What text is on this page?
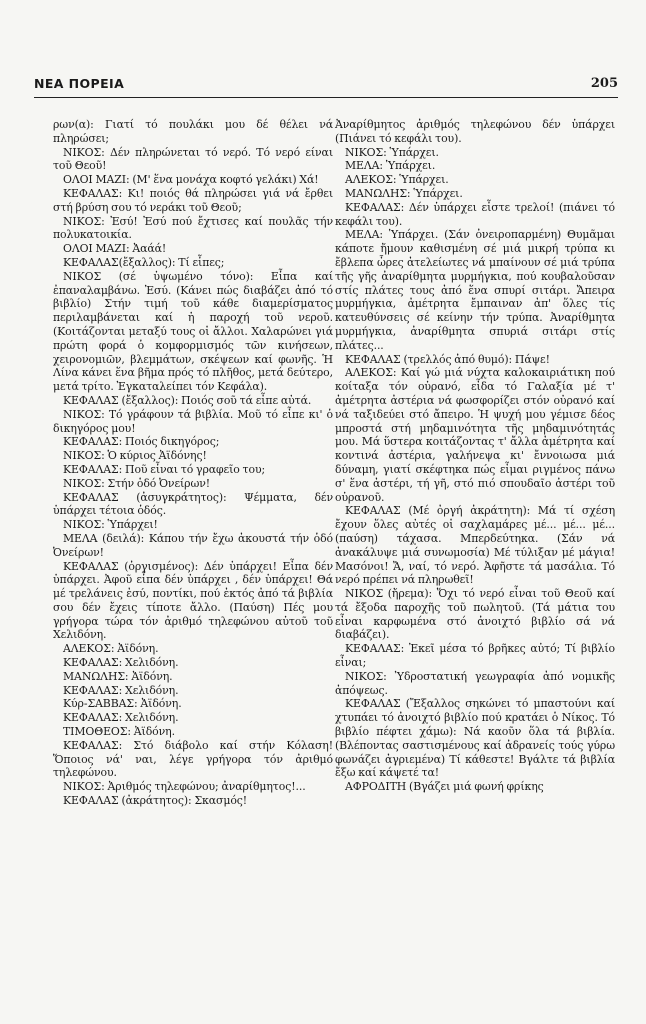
ΝΕΑ ΠΟΡΕΙΑ	205

ρων(α): Γιατί τό πουλάκι μου δέ θέλει νά πληρώσει;

ΝΙΚΟΣ: Δέν πληρώνεται τό νερό. Τό νερό είναι τοῦ Θεοῦ!

ΟΛΟΙ ΜΑΖΙ: (Μ' ἕνα μονάχα κοφτό γελάκι) Χά!

ΚΕΦΑΛΑΣ: Κι! ποιός θά πληρώσει γιά νά ἔρθει στή βρύση σου τό νεράκι τοῦ Θεοῦ;

ΝΙΚΟΣ: Ἐσύ! Ἐσύ πού ἔχτισες καί πουλᾶς τήν πολυκατοικία.

ΟΛΟΙ ΜΑΖΙ: Ἀαάά!

ΚΕΦΑΛΑΣ(ἔξαλλος): Τί εἶπες;

ΝΙΚΟΣ (σέ ὑψωμένο τόνο): Εἶπα καί ἐπαναλαμβάνω. Ἐσύ. (Κάνει πώς διαβάζει ἀπό τό βιβλίο) Στήν τιμή τοῦ κάθε διαμερίσματος περιλαμβάνεται καί ἡ παροχή τοῦ νεροῦ. (Κοιτάζονται μεταξύ τους οἱ ἄλλοι. Χαλαρώνει γιά πρώτη φορά ὁ κομφορμισμός τῶν κινήσεων, χειρονομιῶν, βλεμμάτων, σκέψεων καί φωνῆς. Ἡ Λίνα κάνει ἕνα βῆμα πρός τό πλῆθος, μετά δεύτερο, μετά τρίτο. Ἐγκαταλείπει τόν Κεφάλα).

ΚΕΦΑΛΑΣ (ἔξαλλος): Ποιός σοῦ τά εἶπε αὐτά.

ΝΙΚΟΣ: Τό γράφουν τά βιβλία. Μοῦ τό εἶπε κι' ὁ δικηγόρος μου!

ΚΕΦΑΛΑΣ: Ποιός δικηγόρος;

ΝΙΚΟΣ: Ὁ κύριος Ἀϊδόνης!

ΚΕΦΑΛΑΣ: Ποῦ εἶναι τό γραφεῖο του;

ΝΙΚΟΣ: Στήν ὁδό Ὀνείρων!

ΚΕΦΑΛΑΣ (ἀσυγκράτητος): Ψέμματα, δέν ὑπάρχει τέτοια ὁδός.

ΝΙΚΟΣ: Ὑπάρχει!

ΜΕΛΑ (δειλά): Κάπου τήν ἔχω ἀκουστά τήν ὁδό Ὀνείρων!

ΚΕΦΑΛΑΣ (ὀργισμένος): Δέν ὑπάρχει! Εἶπα δέν ὑπάρχει. Ἀφοῦ εἶπα δέν ὑπάρχει , δέν ὑπάρχει! Θά μέ τρελάνεις ἐσύ, ποντίκι, πού ἐκτός ἀπό τά βιβλία σου δέν ἔχεις τίποτε ἄλλο. (Παύση) Πές μου γρήγορα τώρα τόν ἀριθμό τηλεφώνου αὐτοῦ τοῦ Χελιδόνη.

ΑΛΕΚΟΣ: Ἀϊδόνη.

ΚΕΦΑΛΑΣ: Χελιδόνη.

ΜΑΝΩΛΗΣ: Ἀϊδόνη.

ΚΕΦΑΛΑΣ: Χελιδόνη.

Κύρ-ΣΑΒΒΑΣ: Ἀϊδόνη.

ΚΕΦΑΛΑΣ: Χελιδόνη.

ΤΙΜΟΘΕΟΣ: Ἀϊδόνη.

ΚΕΦΑΛΑΣ: Στό διάβολο καί στήν Κόλαση! Ὅποιος νά' ναι, λέγε γρήγορα τόν ἀριθμό τηλεφώνου.

ΝΙΚΟΣ: Ἀριθμός τηλεφώνου; ἀναρίθμητος!...

ΚΕΦΑΛΑΣ (ἀκράτητος): Σκασμός!

Ἀναρίθμητος ἀριθμός τηλεφώνου δέν ὑπάρχει (Πιάνει τό κεφάλι του).

ΝΙΚΟΣ: Ὑπάρχει.

ΜΕΛΑ: Ὑπάρχει.

ΑΛΕΚΟΣ: Ὑπάρχει.

ΜΑΝΩΛΗΣ: Ὑπάρχει.

ΚΕΦΑΛΑΣ: Δέν ὑπάρχει εἶστε τρελοί! (πιάνει τό κεφάλι του).

ΜΕΛΑ: Ὑπάρχει. (Σάν ὀνειροπαρμένη) Θυμᾶμαι κάποτε ἤμουν καθισμένη σέ μιά μικρή τρύπα κι ἔβλεπα ὧρες ἀτελείωτες νά μπαίνουν σέ μιά τρύπα τῆς γῆς ἀναρίθμητα μυρμήγκια, πού κουβαλοῦσαν στίς πλάτες τους ἀπό ἕνα σπυρί σιτάρι. Ἄπειρα μυρμήγκια, ἀμέτρητα ἔμπαιναν ἀπ' ὅλες τίς κατευθύνσεις σέ κείνην τήν τρύπα. Ἀναρίθμητα μυρμήγκια, ἀναρίθμητα σπυριά σιτάρι στίς πλάτες...

ΚΕΦΑΛΑΣ (τρελλός ἀπό θυμό): Πάψε!

ΑΛΕΚΟΣ: Καί γώ μιά νύχτα καλοκαιριάτικη πού κοίταξα τόν οὐρανό, εἶδα τό Γαλαξία μέ τ' ἀμέτρητα ἀστέρια νά φωσφορίζει στόν οὐρανό καί νά ταξιδεύει στό ἄπειρο. Ἡ ψυχή μου γέμισε δέος μπροστά στή μηδαμινότητα τῆς μηδαμινότητάς μου. Μά ὕστερα κοιτάζοντας τ' ἄλλα ἀμέτρητα καί κοντινά ἀστέρια, γαλήνεψα κι' ἔννοιωσα μιά δύναμη, γιατί σκέφτηκα πώς εἶμαι ριγμένος πάνω σ' ἕνα ἀστέρι, τή γῆ, στό πιό σπουδαῖο ἀστέρι τοῦ οὐρανοῦ.

ΚΕΦΑΛΑΣ (Μέ ὀργή ἀκράτητη): Μά τί σχέση ἔχουν ὅλες αὐτές οἱ σαχλαμάρες μέ... μέ... μέ... (παύση) τάχασα. Μπερδεύτηκα. (Σάν νά ἀνακάλυψε μιά συνωμοσία) Μέ τύλιξαν μέ μάγια! Μασόνοι! Ἄ, ναί, τό νερό. Ἀφῆστε τά μασάλια. Τό νερό πρέπει νά πληρωθεῖ!

ΝΙΚΟΣ (ἤρεμα): Ὅχι τό νερό εἶναι τοῦ Θεοῦ καί τά ἔξοδα παροχῆς τοῦ πωλητοῦ. (Τά μάτια του εἶναι καρφωμένα στό ἀνοιχτό βιβλίο σά νά διαβάζει).

ΚΕΦΑΛΑΣ: Ἐκεῖ μέσα τό βρῆκες αὐτό; Τί βιβλίο εἶναι;

ΝΙΚΟΣ: Ὑδροστατική γεωγραφία ἀπό νομικῆς ἀπόψεως.

ΚΕΦΑΛΑΣ (Ἔξαλλος σηκώνει τό μπαστούνι καί χτυπάει τό ἀνοιχτό βιβλίο πού κρατάει ὁ Νίκος. Τό βιβλίο πέφτει χάμω): Νά καοῦν ὅλα τά βιβλία. (Βλέποντας σαστισμένους καί ἀδρανείς τούς γύρω φωνάζει ἀγριεμένα) Τί κάθεστε! Βγάλτε τά βιβλία ἔξω καί κάψετέ τα!

ΑΦΡΟΔΙΤΗ (Βγάζει μιά φωνή φρίκης
